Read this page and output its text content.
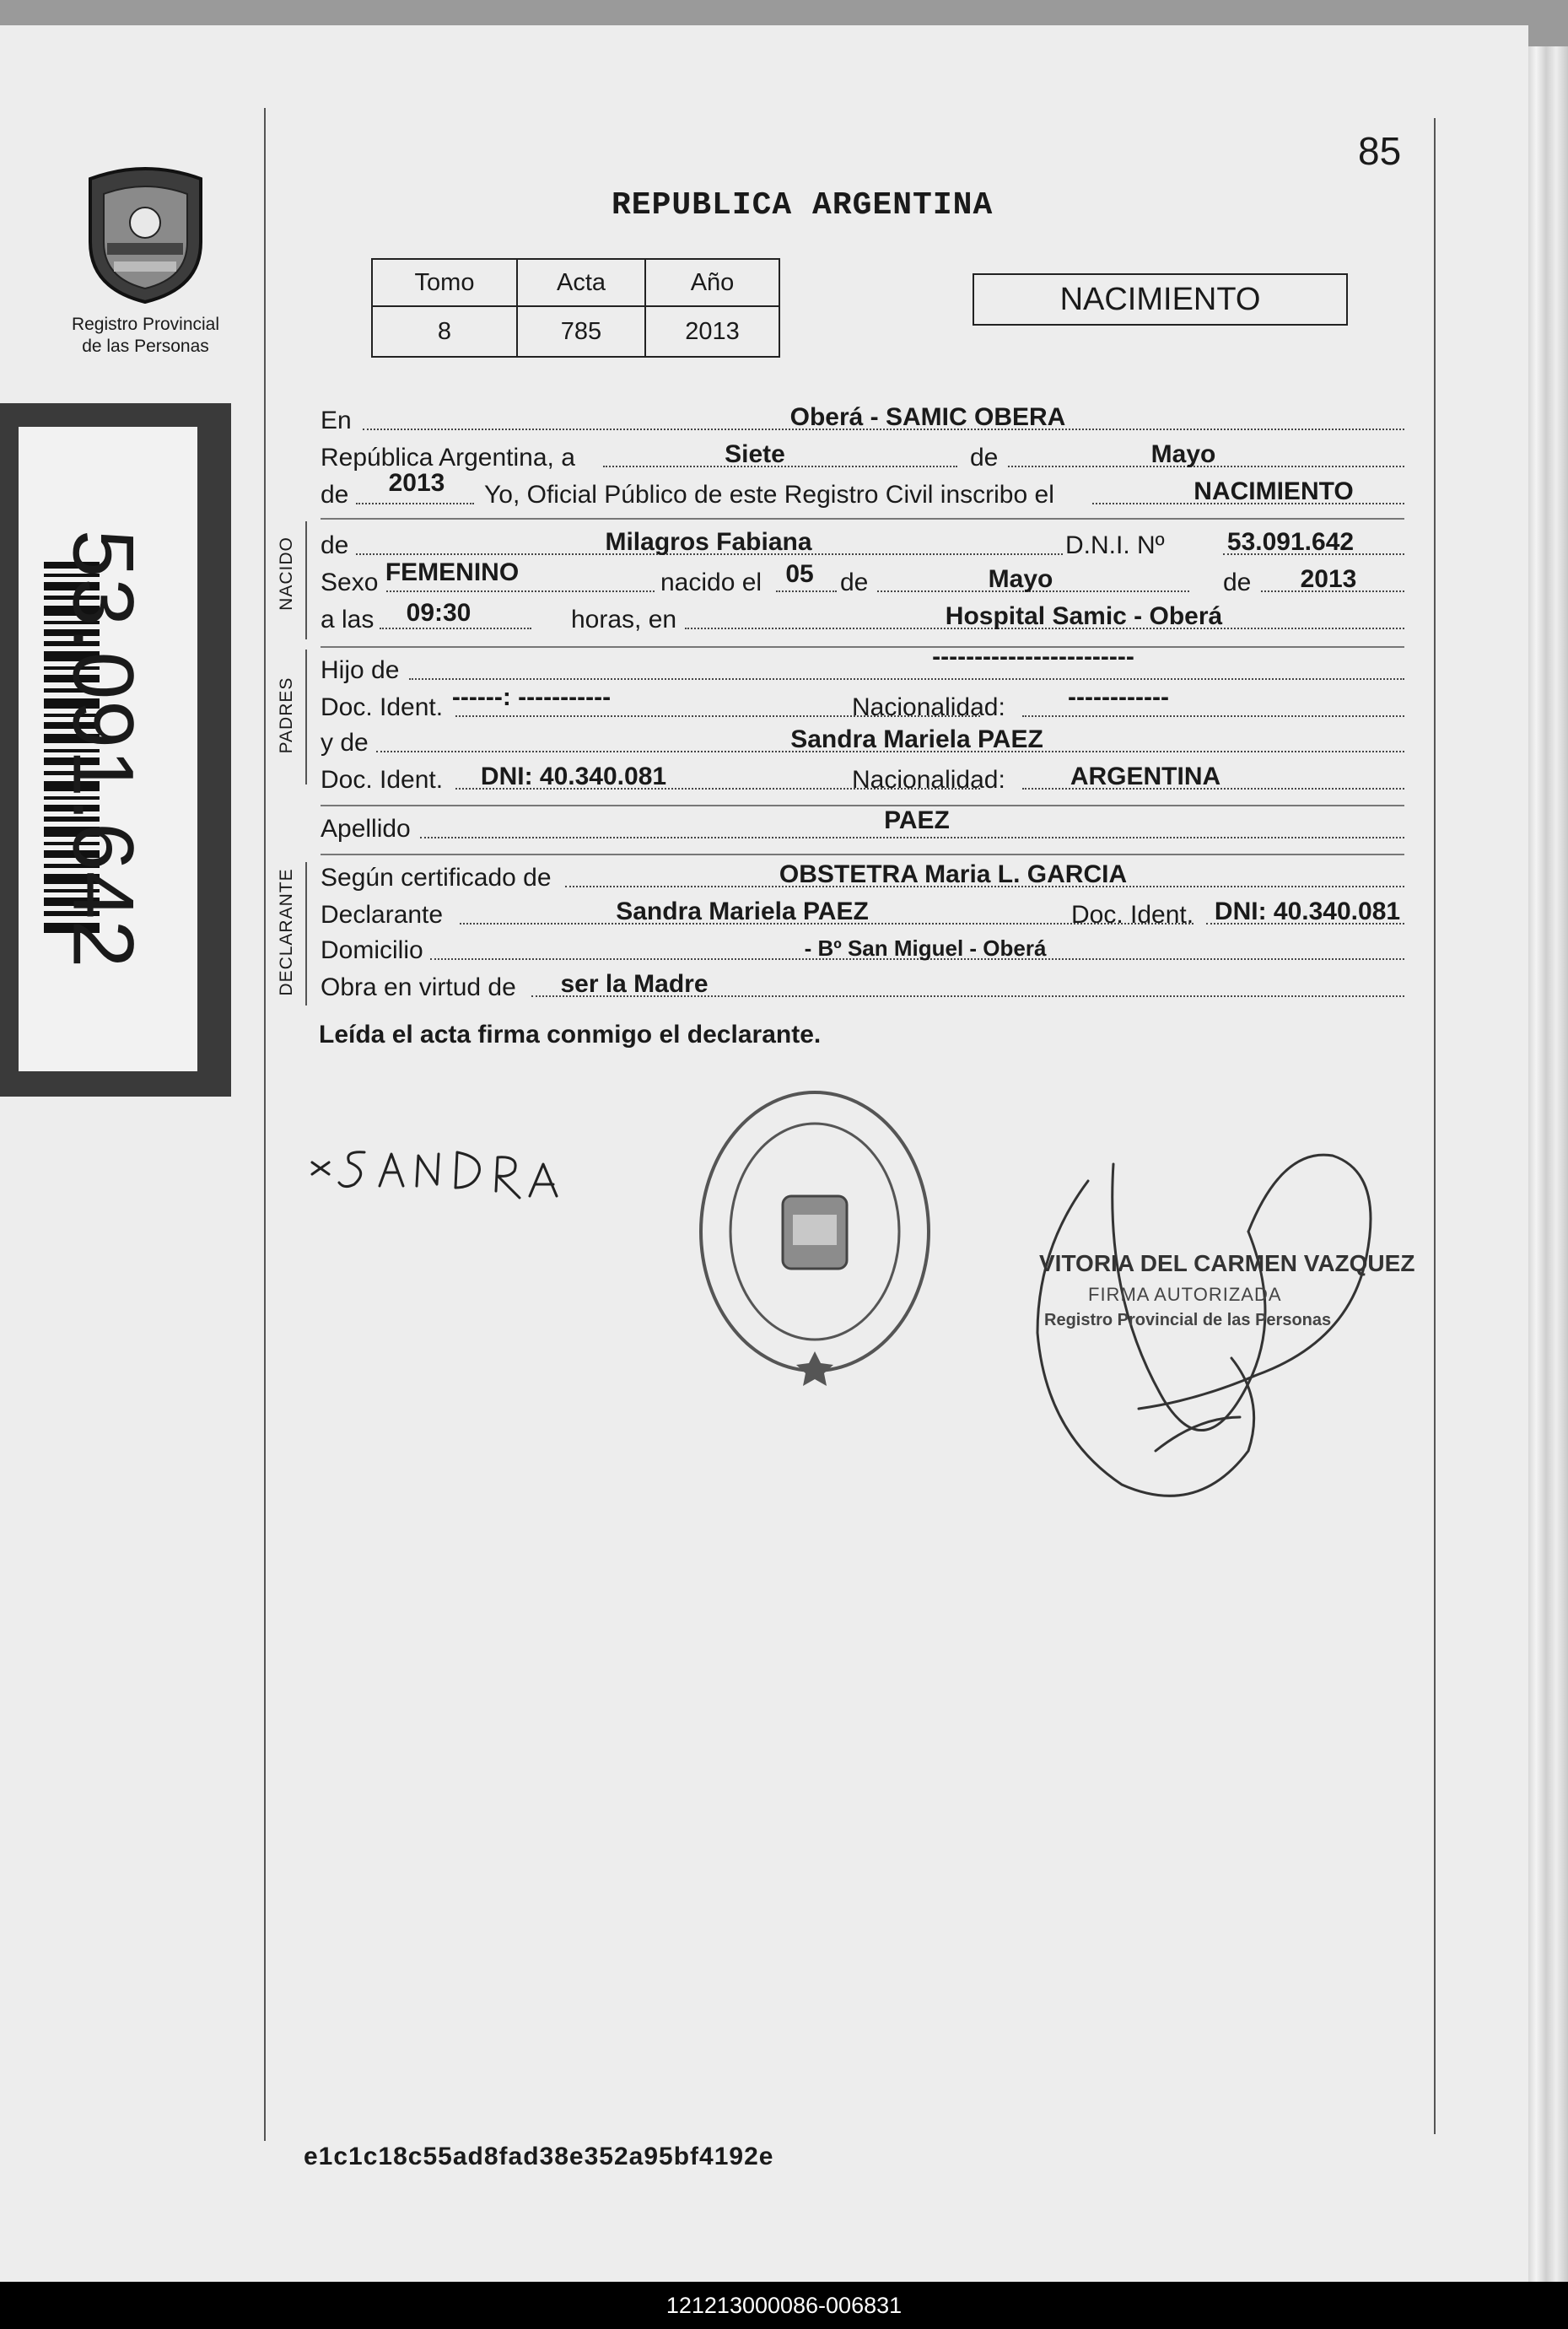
85
REPUBLICA ARGENTINA
Registro Provincial
de las Personas
Tomo	Acta	Año
8	785	2013
NACIMIENTO
53.091.642	NACIDO
PADRES
DECLARANTE
En	Oberá - SAMIC OBERA
República Argentina, a	Siete	de	Mayo
de 2013 Yo, Oficial Público de este Registro Civil inscribo el	NACIMIENTO
de	Milagros Fabiana	D.N.I. Nº 53.091.642
Sexo FEMENINO	nacido el 05 de	Mayo	de 2013
a las 09:30	horas, en	Hospital Samic - Oberá
Hijo de	------------------------
Doc. Ident. ------: -----------	Nacionalidad: ------------
y de	Sandra Mariela PAEZ
Doc. Ident. DNI: 40.340.081	Nacionalidad:	ARGENTINA
Apellido	PAEZ
Según certificado de	OBSTETRA Maria L. GARCIA
Declarante	Sandra Mariela PAEZ	Doc. Ident. DNI: 40.340.081
Domicilio	- Bº San Miguel - Oberá
Obra en virtud de ser la Madre
Leída el acta firma conmigo el declarante.
VITORIA DEL CARMEN VAZQUEZ
FIRMA AUTORIZADA
Registro Provincial de las Personas
e1c1c18c55ad8fad38e352a95bf4192e
121213000086-006831
